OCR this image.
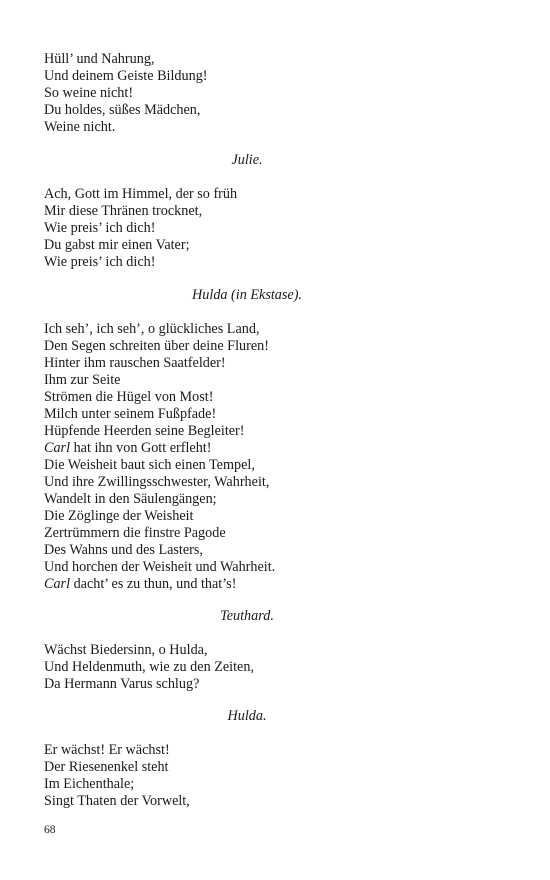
Hüll’ und Nahrung,
Und deinem Geiste Bildung!
So weine nicht!
Du holdes, süßes Mädchen,
Weine nicht.
Julie.
Ach, Gott im Himmel, der so früh
Mir diese Thränen trocknet,
Wie preis’ ich dich!
Du gabst mir einen Vater;
Wie preis’ ich dich!
Hulda (in Ekstase).
Ich seh’, ich seh’, o glückliches Land,
Den Segen schreiten über deine Fluren!
Hinter ihm rauschen Saatfelder!
Ihm zur Seite
Strömen die Hügel von Most!
Milch unter seinem Fußpfade!
Hüpfende Heerden seine Begleiter!
Carl hat ihn von Gott erfleht!
Die Weisheit baut sich einen Tempel,
Und ihre Zwillingsschwester, Wahrheit,
Wandelt in den Säulengängen;
Die Zöglinge der Weisheit
Zertrümmern die finstre Pagode
Des Wahns und des Lasters,
Und horchen der Weisheit und Wahrheit.
Carl dacht’ es zu thun, und that’s!
Teuthard.
Wächst Biedersinn, o Hulda,
Und Heldenmuth, wie zu den Zeiten,
Da Hermann Varus schlug?
Hulda.
Er wächst! Er wächst!
Der Riesenenkel steht
Im Eichenthale;
Singt Thaten der Vorwelt,
68
